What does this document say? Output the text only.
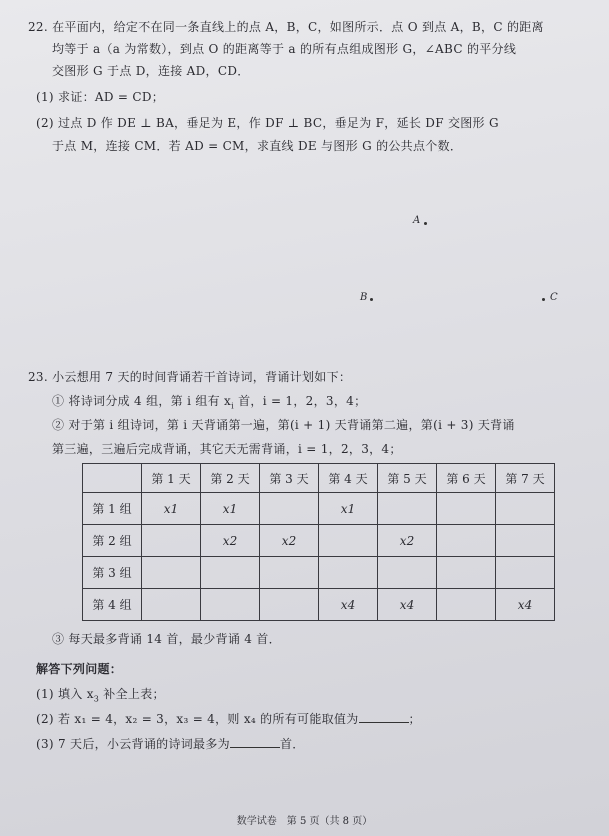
22. 在平面内，给定不在同一条直线上的点 A，B，C，如图所示．点 O 到点 A，B，C 的距离
均等于 a（a 为常数），到点 O 的距离等于 a 的所有点组成图形 G，∠ABC 的平分线
交图形 G 于点 D，连接 AD，CD．
(1) 求证：AD = CD；
(2) 过点 D 作 DE ⊥ BA，垂足为 E，作 DF ⊥ BC，垂足为 F，延长 DF 交图形 G
于点 M，连接 CM．若 AD = CM，求直线 DE 与图形 G 的公共点个数．
A
B	C
23. 小云想用 7 天的时间背诵若干首诗词，背诵计划如下：
① 将诗词分成 4 组，第 i 组有 $x_i$ 首，i = 1，2，3，4；
② 对于第 i 组诗词，第 i 天背诵第一遍，第(i + 1) 天背诵第二遍，第(i + 3) 天背诵
第三遍，三遍后完成背诵，其它天无需背诵，i = 1，2，3，4；
	第 1 天	第 2 天	第 3 天	第 4 天	第 5 天	第 6 天	第 7 天
第 1 组	x1	x1		x1			
第 2 组		x2	x2		x2		
第 3 组							
第 4 组				x4	x4		x4
③ 每天最多背诵 14 首，最少背诵 4 首．
解答下列问题：
(1) 填入 $x_3$ 补全上表；
(2) 若 x₁ = 4，x₂ = 3，x₃ = 4，则 x₄ 的所有可能取值为	；
(3) 7 天后，小云背诵的诗词最多为	首．
数学试卷　第 5 页（共 8 页）
